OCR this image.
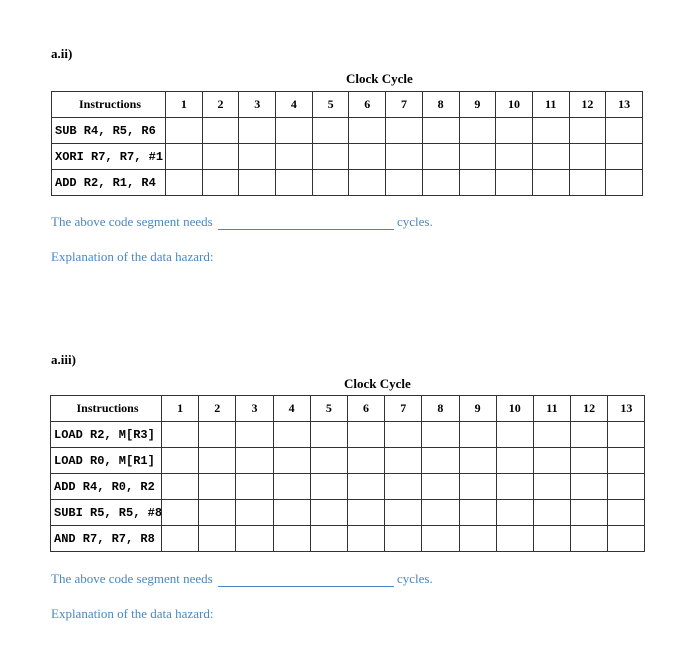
a.ii)
Clock Cycle
Instructions	1	2	3	4	5	6	7	8	9	10	11	12	13
SUB R4, R5, R6													
XORI R7, R7, #1													
ADD R2, R1, R4													
The above code segment needs	cycles.
Explanation of the data hazard:
a.iii)
Clock Cycle
Instructions	1	2	3	4	5	6	7	8	9	10	11	12	13
LOAD R2, M[R3]													
LOAD R0, M[R1]													
ADD R4, R0, R2													
SUBI R5, R5, #8													
AND R7, R7, R8													
The above code segment needs	cycles.
Explanation of the data hazard:
